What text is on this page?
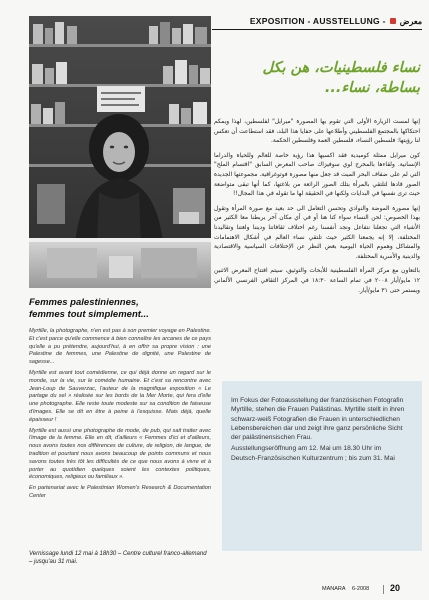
EXPOSITION - AUSSTELLUNG - معرض
نساء فلسطينيات، هن بكل
بساطة، نساء...

إنها لمست الزيارة الأولى التي تقوم بها المصورة "ميرايل" لفلسطين، لهذا ويمكم احتكاكها بالمجتمع الفلسطيني وأطلاعها على خفايا هذا البلد، فقد استطاعت أن تعكس لنا رؤيتها: فلسطين النساء، فلسطين العمة وفلسطين الحكمة.

كون ميرايل ممثلة كوميدية فقد اكسبها هذا رؤية خاصة للعالم وللحياة والدراما الإنسانية. ولقاءها بالمخرج لوي سوفيزاك صاحب المعرض السابق "اقتسام الملح" التي لم على ضفاف البحر الميت قد جعل منها مصورة فوتوغرافية. مجموعتها الجديدة الصور قادها لتلتقي بالمرأة بتلك الصور الرائعة من بلاغتها، كما أنها تبقى متواضعة حيث ترى نفسها في البدايات ولكنها في الحقيقة لها ما تقوله في هذا المجال!!

إنها مصورة الموضة والنوادي وتحسن التعامل الى حد بعيد مع صورة المرأة وتقول بهذا الخصوص: لحن النساء سواء كنا هنا أو في أي مكان آخر يربطنا معا الكثير من الأشياء التي تجعلنا نتفاعل ونجد أنفسنا رغم اختلاف ثقافاتنا وديننا ولغتنا وتقاليدنا المختلفة، إلا إنه يجمعنا الكثير حيث تلتقي نساء العالم في أشكال الاهتمامات والمشاكل وهموم الحياة اليومية بغض النظر عن الإختلافات السياسية والاقتصادية والدينية والأسرية المختلفة.

بالتعاون مع مركز المرأة الفلسطينية للأبحاث والتوثيق، سيتم افتتاح المعرض الاثنين ١٢ مايو/أيار ٢٠٠٨ في تمام الساعة ١٨:٣٠ في المركز الثقافي الفرنسي الألماني ويستمر حتى ٣١ مايو/أيار.

Femmes palestiniennes,
femmes tout simplement...

Myrtille, la photographe, n'en est pas à son premier voyage en Palestine. Et c'est parce qu'elle commence à bien connaître les arcanes de ce pays qu'elle a pu prétendre, aujourd'hui, à en offrir sa propre vision : une Palestine de femmes, une Palestine de dignité, une Palestine de sagesse...

Myrtille est avant tout comédienne, ce qui déjà donne un regard sur le monde, sur la vie, sur le comédie humaine. Et c'est sa rencontre avec Jean-Loup de Sauverzac, l'auteur de la magnifique exposition « Le partage du sel » réalisée sur les bords de la Mer Morte, qui fera d'elle une photographe. Elle reste toute modeste sur sa condition de faiseuse d'images. Elle se dit en être à peine à l'esquisse. Mais déjà, quelle épaisseur !

Myrtille est aussi une photographe de mode, de pub, qui sait traiter avec l'image de la femme. Elle en dit, d'ailleurs « Femmes d'ici et d'ailleurs, nous avons toutes nos différences de culture, de religion, de langue, de tradition et pourtant nous avons beaucoup de points communs et nous savons toutes très tôt les difficultés de ce que nous avons à vivre et à porter au quotidien quelques soient les contextes politiques, économiques, religieux ou familiaux ».

En partenariat avec le Palestinian Women's Research & Documentation Center

Vernissage lundi 12 mai à 18h30 – Centre culturel franco-allemand
– jusqu'au 31 mai.

Im Fokus der Fotoausstellung der französischen Fotografin Myrtille, stehen die Frauen Palästinas. Myrtille stellt in ihren schwarz-weiß Fotografien die Frauen in unterschiedlichen Lebensbereichen dar und zeigt ihre ganz persönliche Sicht der palästinensischen Frau.

Ausstellungseröffnung am 12. Mai um 18.30 Uhr im Deutsch-Französischen Kulturzentrum ; bis zum 31. Mai

MANARA 6-2008 20
